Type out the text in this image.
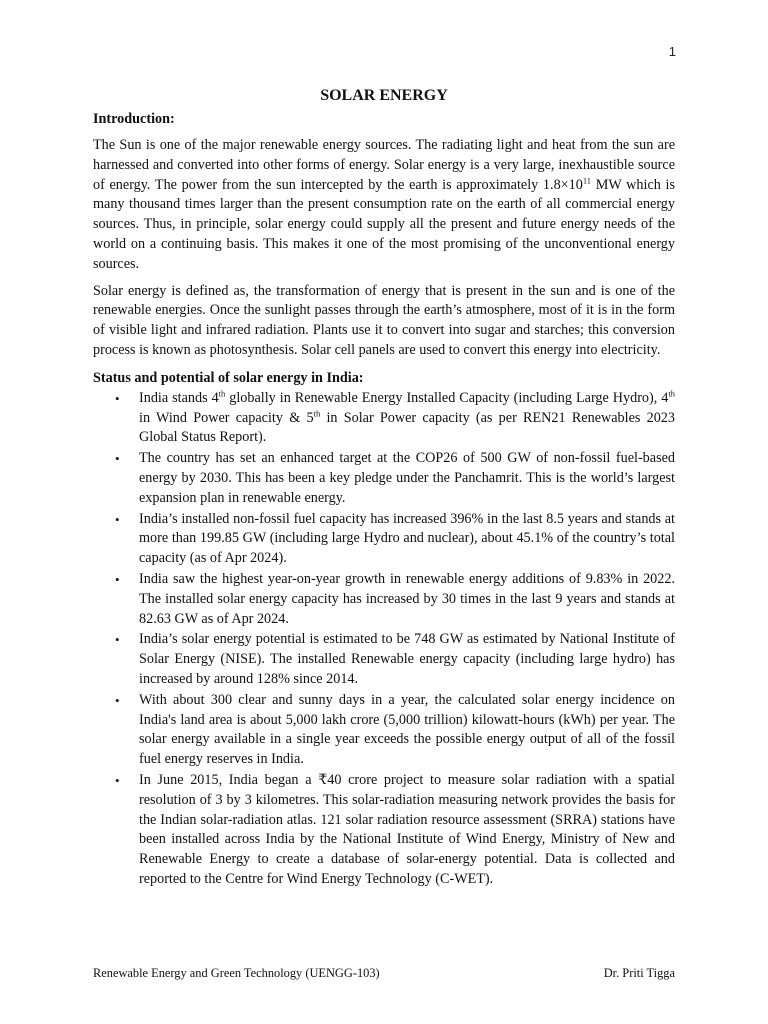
1
SOLAR ENERGY
Introduction:

The Sun is one of the major renewable energy sources. The radiating light and heat from the sun are harnessed and converted into other forms of energy. Solar energy is a very large, inexhaustible source of energy. The power from the sun intercepted by the earth is approximately $1.8\times 10^{11}$ MW which is many thousand times larger than the present consumption rate on the earth of all commercial energy sources. Thus, in principle, solar energy could supply all the present and future energy needs of the world on a continuing basis. This makes it one of the most promising of the unconventional energy sources.

Solar energy is defined as, the transformation of energy that is present in the sun and is one of the renewable energies. Once the sunlight passes through the earth’s atmosphere, most of it is in the form of visible light and infrared radiation. Plants use it to convert into sugar and starches; this conversion process is known as photosynthesis. Solar cell panels are used to convert this energy into electricity.

Status and potential of solar energy in India:
• India stands 4th globally in Renewable Energy Installed Capacity (including Large Hydro), 4th in Wind Power capacity & 5th in Solar Power capacity (as per REN21 Renewables 2023 Global Status Report).
• The country has set an enhanced target at the COP26 of 500 GW of non-fossil fuel-based energy by 2030. This has been a key pledge under the Panchamrit. This is the world’s largest expansion plan in renewable energy.
• India’s installed non-fossil fuel capacity has increased 396% in the last 8.5 years and stands at more than 199.85 GW (including large Hydro and nuclear), about 45.1% of the country’s total capacity (as of Apr 2024).
• India saw the highest year-on-year growth in renewable energy additions of 9.83% in 2022. The installed solar energy capacity has increased by 30 times in the last 9 years and stands at 82.63 GW as of Apr 2024.
• India’s solar energy potential is estimated to be 748 GW as estimated by National Institute of Solar Energy (NISE). The installed Renewable energy capacity (including large hydro) has increased by around 128% since 2014.
• With about 300 clear and sunny days in a year, the calculated solar energy incidence on India's land area is about 5,000 lakh crore (5,000 trillion) kilowatt-hours (kWh) per year. The solar energy available in a single year exceeds the possible energy output of all of the fossil fuel energy reserves in India.
• In June 2015, India began a ₹40 crore project to measure solar radiation with a spatial resolution of 3 by 3 kilometres. This solar-radiation measuring network provides the basis for the Indian solar-radiation atlas. 121 solar radiation resource assessment (SRRA) stations have been installed across India by the National Institute of Wind Energy, Ministry of New and Renewable Energy to create a database of solar-energy potential. Data is collected and reported to the Centre for Wind Energy Technology (C-WET).
Renewable Energy and Green Technology (UENGG-103)	Dr. Priti Tigga
